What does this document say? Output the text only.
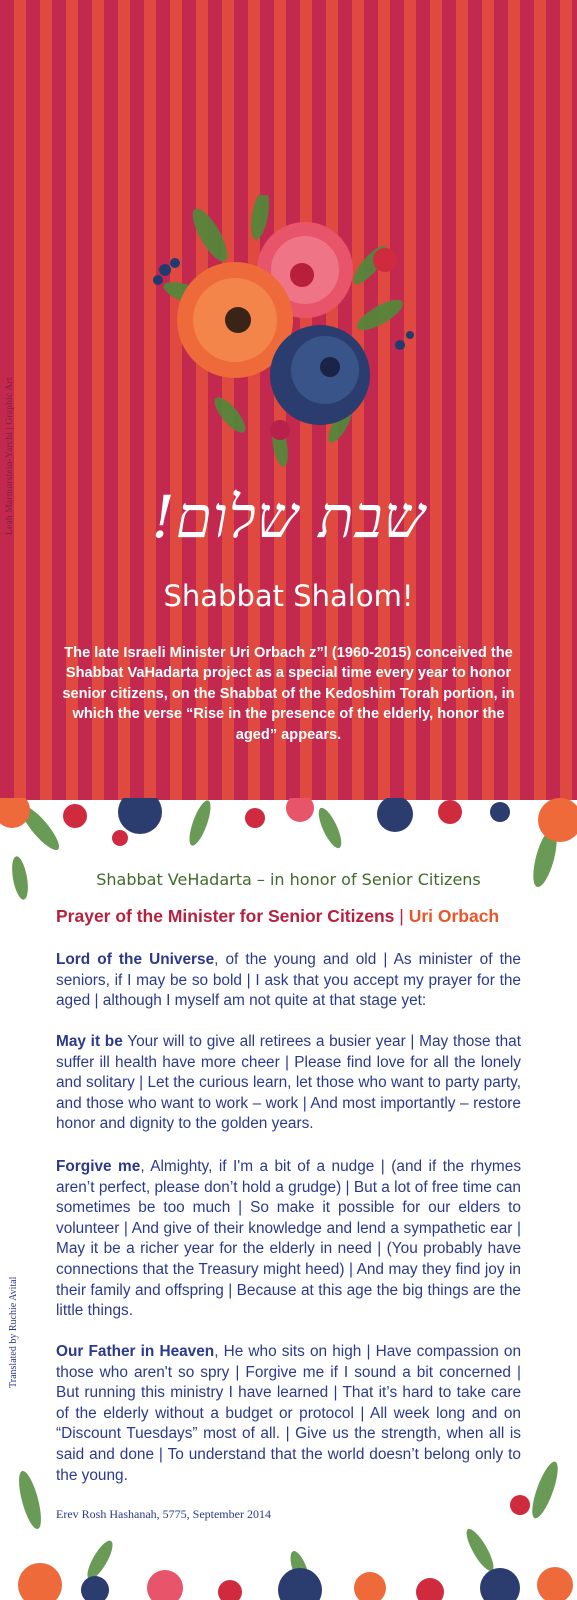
Leah Marmorstein-Yarchi | Graphic Art	!שבת שלום
Shabbat Shalom!
The late Israeli Minister Uri Orbach z”l (1960-2015) conceived the Shabbat VaHadarta project as a special time every year to honor senior citizens, on the Shabbat of the Kedoshim Torah portion, in which the verse “Rise in the presence of the elderly, honor the aged” appears.
Shabbat VeHadarta – in honor of Senior Citizens
Prayer of the Minister for Senior Citizens | Uri Orbach
Lord of the Universe, of the young and old | As minister of the seniors, if I may be so bold | I ask that you accept my prayer for the aged | although I myself am not quite at that stage yet:
May it be Your will to give all retirees a busier year | May those that suffer ill health have more cheer | Please find love for all the lonely and solitary | Let the curious learn, let those who want to party party, and those who want to work – work | And most importantly – restore honor and dignity to the golden years.
Forgive me, Almighty, if I'm a bit of a nudge | (and if the rhymes aren’t perfect, please don’t hold a grudge) | But a lot of free time can sometimes be too much | So make it possible for our elders to volunteer | And give of their knowledge and lend a sympathetic ear | May it be a richer year for the elderly in need | (You probably have connections that the Treasury might heed) | And may they find joy in their family and offspring | Because at this age the big things are the little things.
Our Father in Heaven, He who sits on high | Have compassion on those who aren't so spry | Forgive me if I sound a bit concerned | But running this ministry I have learned | That it’s hard to take care of the elderly without a budget or protocol | All week long and on “Discount Tuesdays” most of all. | Give us the strength, when all is said and done | To understand that the world doesn’t belong only to the young.
Erev Rosh Hashanah, 5775, September 2014
Translated by Ruchie Avital
